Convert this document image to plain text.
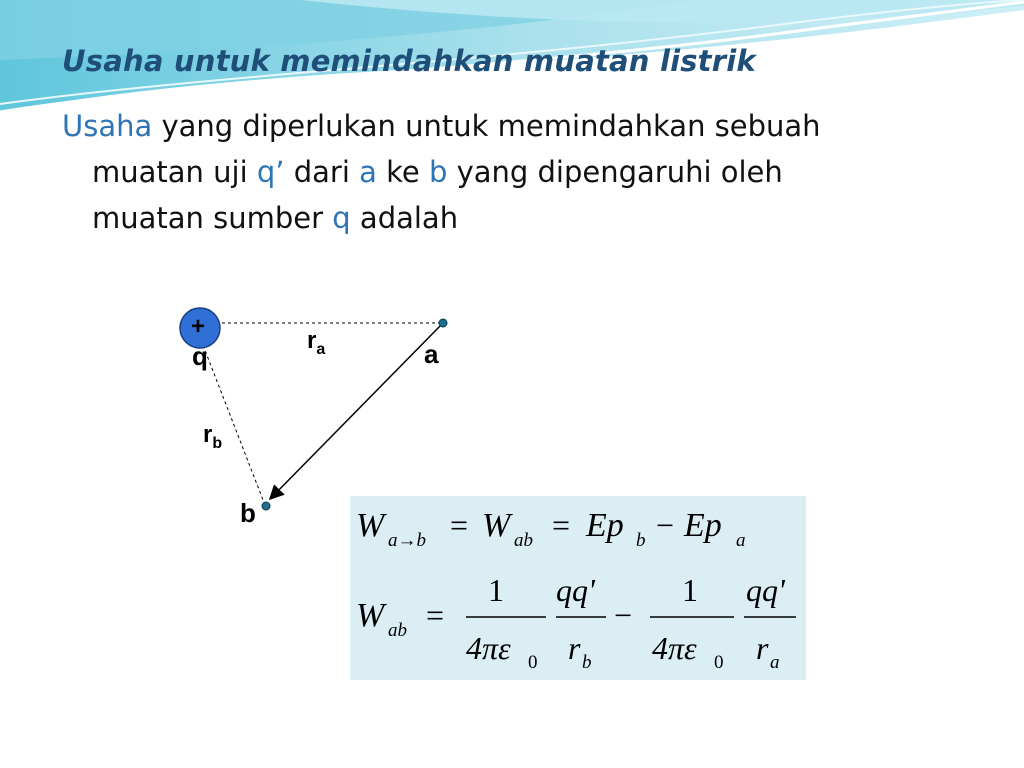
Usaha untuk memindahkan muatan listrik

Usaha yang diperlukan untuk memindahkan sebuah
muatan uji q’ dari a ke b yang dipengaruhi oleh
muatan sumber q adalah

+
q
$r_a$	a
$r_b$
b	W a→b = W ab = Ep b − Ep a
W ab =
1
4πε 0
qq'
r b
−
1
4πε 0
qq'
r a
